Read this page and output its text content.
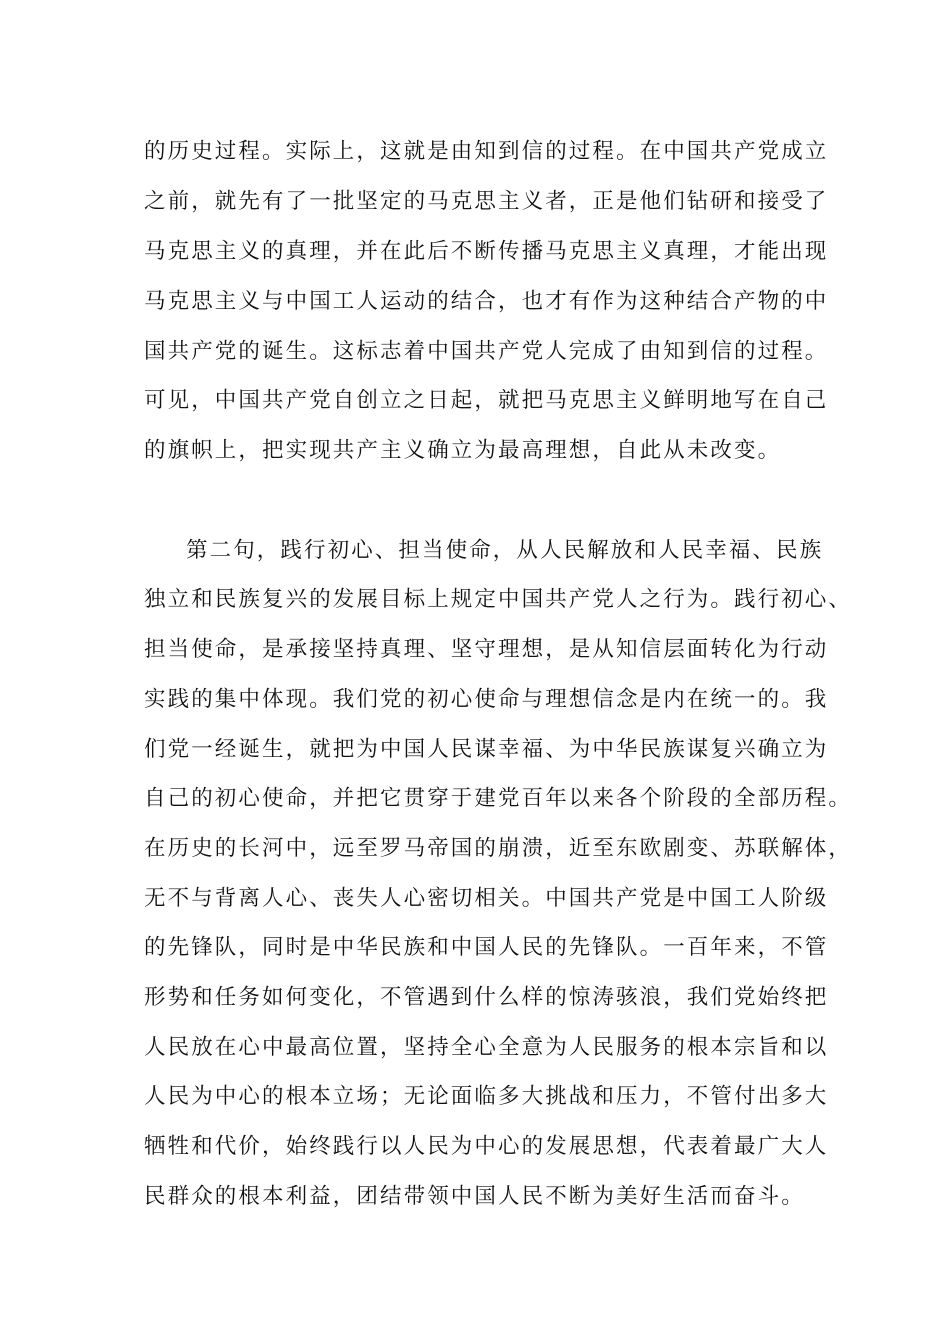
的历史过程。实际上，这就是由知到信的过程。在中国共产党成立
之前，就先有了一批坚定的马克思主义者，正是他们钻研和接受了
马克思主义的真理，并在此后不断传播马克思主义真理，才能出现
马克思主义与中国工人运动的结合，也才有作为这种结合产物的中
国共产党的诞生。这标志着中国共产党人完成了由知到信的过程。
可见，中国共产党自创立之日起，就把马克思主义鲜明地写在自己
的旗帜上，把实现共产主义确立为最高理想，自此从未改变。
第二句，践行初心、担当使命，从人民解放和人民幸福、民族
独立和民族复兴的发展目标上规定中国共产党人之行为。践行初心、
担当使命，是承接坚持真理、坚守理想，是从知信层面转化为行动
实践的集中体现。我们党的初心使命与理想信念是内在统一的。我
们党一经诞生，就把为中国人民谋幸福、为中华民族谋复兴确立为
自己的初心使命，并把它贯穿于建党百年以来各个阶段的全部历程。
在历史的长河中，远至罗马帝国的崩溃，近至东欧剧变、苏联解体，
无不与背离人心、丧失人心密切相关。中国共产党是中国工人阶级
的先锋队，同时是中华民族和中国人民的先锋队。一百年来，不管
形势和任务如何变化，不管遇到什么样的惊涛骇浪，我们党始终把
人民放在心中最高位置，坚持全心全意为人民服务的根本宗旨和以
人民为中心的根本立场；无论面临多大挑战和压力，不管付出多大
牺牲和代价，始终践行以人民为中心的发展思想，代表着最广大人
民群众的根本利益，团结带领中国人民不断为美好生活而奋斗。
